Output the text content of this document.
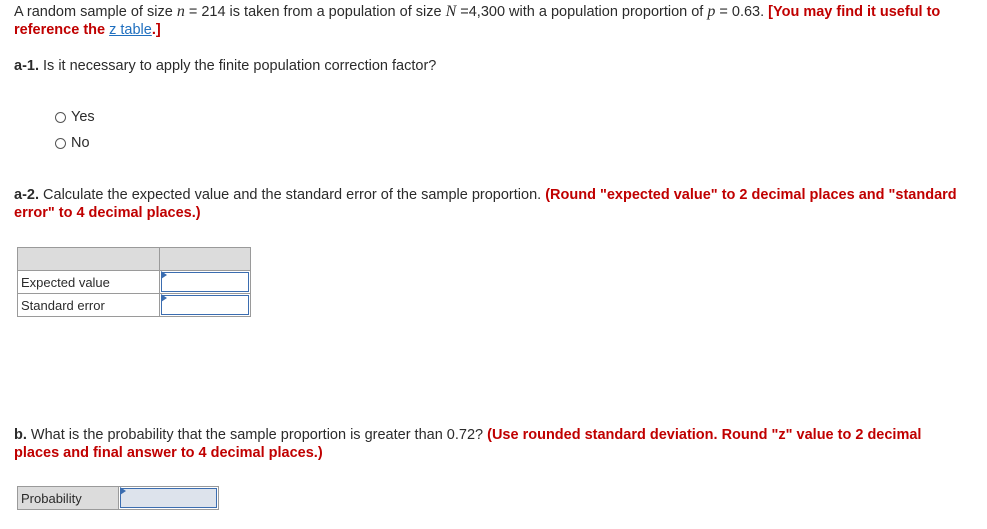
A random sample of size n = 214 is taken from a population of size N =4,300 with a population proportion of p = 0.63. [You may find it useful to reference the z table.]
a-1. Is it necessary to apply the finite population correction factor?
Yes
No
a-2. Calculate the expected value and the standard error of the sample proportion. (Round "expected value" to 2 decimal places and "standard error" to 4 decimal places.)

Expected value	

Standard error	
b. What is the probability that the sample proportion is greater than 0.72? (Use rounded standard deviation. Round "z" value to 2 decimal places and final answer to 4 decimal places.)
Probability	
